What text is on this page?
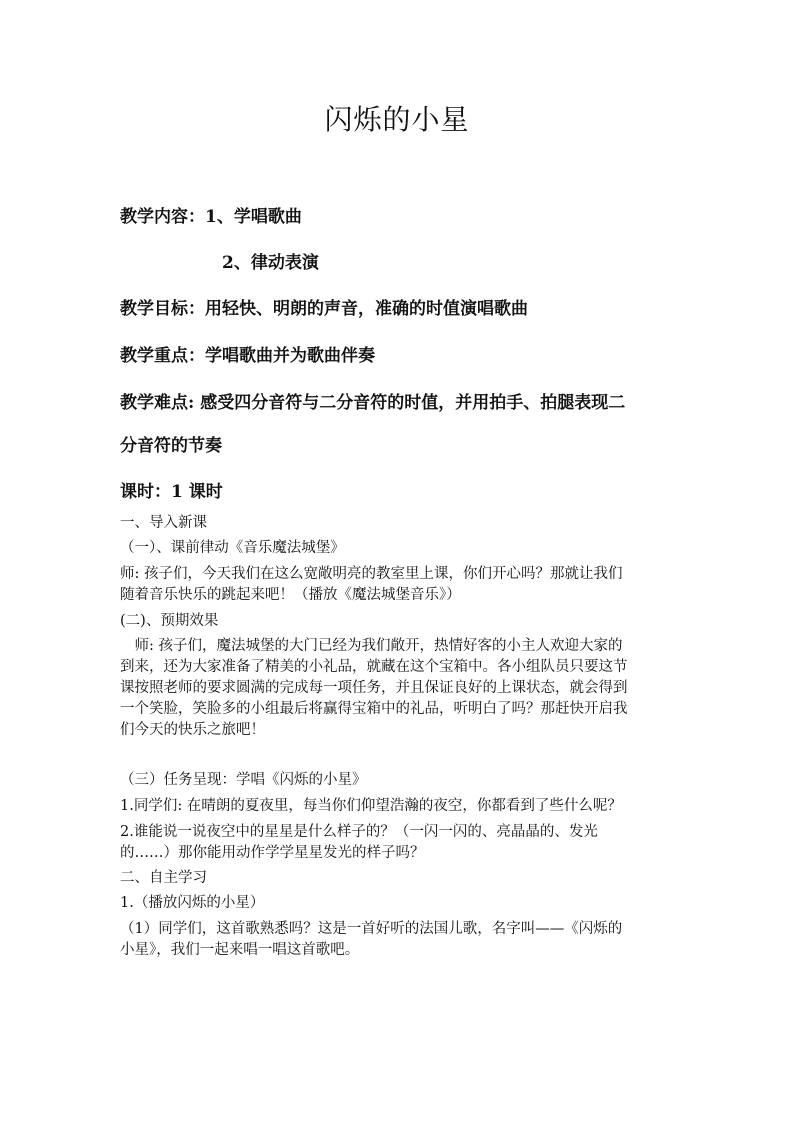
闪烁的小星
教学内容：1、学唱歌曲
2、律动表演
教学目标：用轻快、明朗的声音，准确的时值演唱歌曲
教学重点：学唱歌曲并为歌曲伴奏
教学难点: 感受四分音符与二分音符的时值，并用拍手、拍腿表现二
分音符的节奏
课时：1 课时
一、导入新课
（一）、课前律动《音乐魔法城堡》
师: 孩子们，今天我们在这么宽敞明亮的教室里上课，你们开心吗？那就让我们
随着音乐快乐的跳起来吧！（播放《魔法城堡音乐》）
(二)、预期效果
　师: 孩子们，魔法城堡的大门已经为我们敞开，热情好客的小主人欢迎大家的
到来，还为大家准备了精美的小礼品，就藏在这个宝箱中。各小组队员只要这节
课按照老师的要求圆满的完成每一项任务，并且保证良好的上课状态，就会得到
一个笑脸，笑脸多的小组最后将赢得宝箱中的礼品，听明白了吗？那赶快开启我
们今天的快乐之旅吧！
（三）任务呈现：学唱《闪烁的小星》
1.同学们: 在晴朗的夏夜里，每当你们仰望浩瀚的夜空，你都看到了些什么呢？
2.谁能说一说夜空中的星星是什么样子的？（一闪一闪的、亮晶晶的、发光
的……）那你能用动作学学星星发光的样子吗？
二、自主学习
1.（播放闪烁的小星）
（1）同学们，这首歌熟悉吗？这是一首好听的法国儿歌，名字叫——《闪烁的
小星》，我们一起来唱一唱这首歌吧。
